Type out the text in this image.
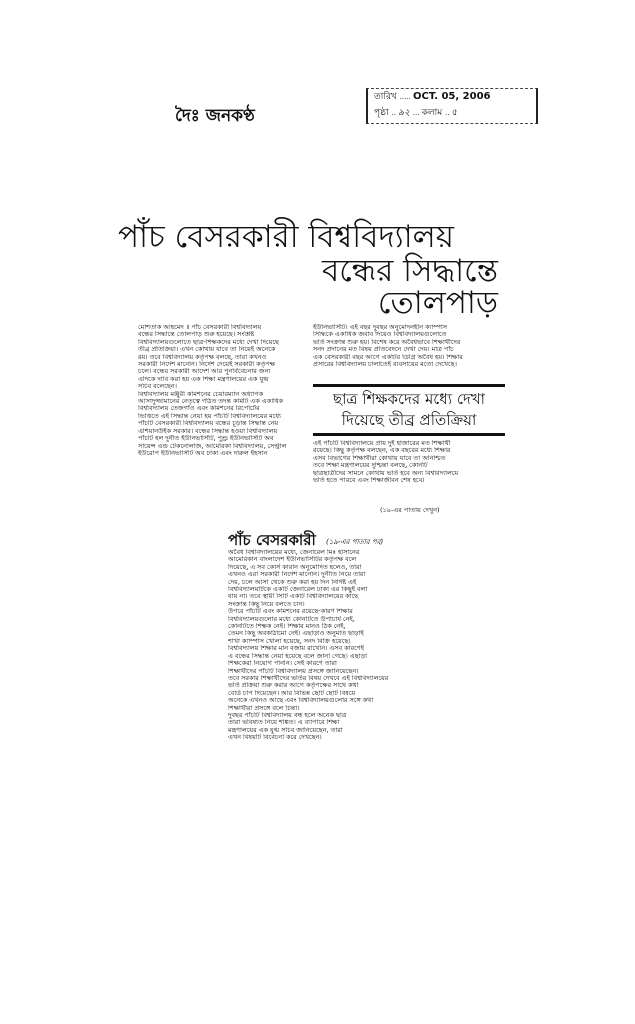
দৈঃ জনকণ্ঠ
তারিখ ..... OCT. 05, 2006
পৃষ্ঠা .. ৯২ ... কলাম .. ৫
পাঁচ বেসরকারী বিশ্ববিদ্যালয়
বন্ধের সিদ্ধান্তে
তোলপাড়
মোশতাক আহমেদ ॥ পাঁচ বেসরকারী বিশ্ববিদ্যালয়
বন্ধের সিদ্ধান্তে তোলপাড় শুরু হয়েছে। সংশ্লিষ্ট
বিশ্ববিদ্যালয়গুলোতে ছাত্র-শিক্ষকদের মধ্যে দেখা দিয়েছে
তীব্র প্রতিক্রিয়া। এখন কোথায় যাবে তা নিয়েই অনেকে
রয়। তবে বিশ্ববিদ্যালয় কর্তৃপক্ষ বলছে, তারা কখনও
সরকারী নির্দেশ মানেনি। নির্দেশ দেয়েই সরকারী কর্তৃপক্ষ
চলে। বন্ধের সরকারী আদেশ আর পুনর্বিবেচনার জন্য
এদিকে দাবি করা হয় এক শিক্ষা মন্ত্রণালয়ের এক যুগ্ম
সচিব বলেছেন।
বিশ্ববিদ্যালয় মঞ্জুরী কমিশনের চেয়ারম্যান অধ্যাপক
আসাদুজ্জামানের নেতৃত্বে গঠিত তদন্ত কমিটি এক একাধিক
বিশ্ববিদ্যালয় তেজগাঁও এবং কমিশনের রিপোর্টের
ভিত্তিতে এই সিদ্ধান্ত নেয়া হয় পাঁচটি বিশ্ববিদ্যালয়ের মধ্যে
পাঁচটি বেসরকারী বিশ্ববিদ্যালয় বন্ধের চূড়ান্ত সিদ্ধান্ত নেয়
এশিয়ানউইক সরকার। বন্ধের সিদ্ধান্ত হওয়া বিশ্ববিদ্যালয়
পাঁচটি হল দুর্নীত ইউনিভার্সিটি, পুণ্ড্র ইউনিভার্সিটি অব
সায়েন্স এন্ড টেকনোলজি, আমেরিকা বিশ্ববিদ্যালয়, সেন্ট্রাল
ইউরোপ ইউনিভার্সিটি অব ঢাকা এবং দারুল ইহসান
ইউনিভার্সিটি। এই বছর দুবছর অনুমোদনহীন ক্যাম্পাস
সিদ্ধিকে একাধিক জবাব দিয়েও বিশ্ববিদ্যালয়গুলোতে
ভর্তি সংক্রান্ত শুরু হয়। বিশেষ করে অবৈধভাবে শিক্ষার্থীদের
সনদ প্রদানের মত বিষয় প্রতিবেদনে দেখা দেয়। মাত্র পাঁচ
এক বেসরকারী বছর আগে একটির ডিগ্রি অবৈধ হয়। শিক্ষার
প্রসারের বিশ্ববিদ্যালয় চালাতেই ব্যবসায়ের মতো দেখেছে।
ছাত্র শিক্ষকদের মধ্যে দেখা
দিয়েছে তীব্র প্রতিক্রিয়া
এই পাঁচটি বিশ্ববিদ্যালয়ে প্রায় দুই হাজারের মত শিক্ষার্থী
রয়েছে। কিছু কর্তৃপক্ষ বলছেন, এক বছরের মধ্যে শিক্ষার
এসব বিভাগের শিক্ষার্থীরা কোথায় যাবে তা অনিশ্চিত
তবে শিক্ষা মন্ত্রণালয়ের দুশ্চিন্তা বলছে, কোনটি
ছাত্রছাত্রীদের সামনে কোথায় ভর্তি হবে অন্য বিশ্ববিদ্যালয়ে
ভর্তি হতে পারবে এবং শিক্ষাজীবন শেষ হবে।
(১৯-এর পাতায় দেখুন)
পাঁচ বেসরকারী (১৯-এর পাতার পর)
অবৈধ বিশ্ববিদ্যালয়ের মধ্যে, জেনারেল মিঃ হাসানের
আমেরিকান বাংলাদেশ ইউনিভার্সিটির কর্তৃপক্ষ বলে
দিয়েছে, এ সব কোর্স কারান অনুমোদিত হলেও, তারা
এখনও এরা সরকারী নির্দেশ মানেনি। দুর্নীতি নিয়ে তারা
দেয়, চলে আসা থেকে শুরু করা হয় দিন নির্দিষ্ট এই
বিশ্ববিদ্যালয়টিকে একটি জেনারেল ঢাকা এর কিছুই বলা
যায় না। তবে স্থায়ী সিটি একটি বিশ্ববিদ্যালয়ের কাছে
সংক্রান্ত কিছু নিয়ে বলতে চান।
উপরে পাঁচটি এবং কমিশনের রয়েছে-কারণ শিক্ষার
বিশ্ববিদ্যালয়গুলোর মধ্যে কোনটিতে উপাচার্য নেই,
কোনটিতে শিক্ষক নেই। শিক্ষার মানও ঠিক নেই,
তেমন কিছু অবকাঠামো নেই। এছাড়াও অনুমতি ছাড়াই
শাখা ক্যাম্পাস খোলা হয়েছে, সনদ বিক্রি হয়েছে।
বিশ্ববিদ্যালয় শিক্ষার মান বজায় রাখেনি। এসব কারণেই
এ বন্ধের সিদ্ধান্ত নেয়া হয়েছে বলে জানা গেছে। এছাড়া
শিক্ষকেরা নিয়োগ পাননি। সেই কারণে তারা
শিক্ষার্থীদের পাঁচটি বিশ্ববিদ্যালয় প্রসঙ্গে জানিয়েছেন।
তবে সরকার শিক্ষার্থীদের ভর্তির বিষয় দেখবে এই বিশ্ববিদ্যালয়ের
ভর্তি প্রক্রিয়া শুরু করার আগে কর্তৃপক্ষের সাথে কথা
বোর্ড চাপ দিয়েছেন। আর বিভিন্ন ছোট ছোট বিষয়ে
অনেকে এখনও আছে এবং বিশ্ববিদ্যালয়গুলোর সঙ্গে কথা
শিক্ষার্থীরা প্রসঙ্গে বলে চিন্তা।
দুবছর পাঁচটি বিশ্ববিদ্যালয় বন্ধ হলে অনেক ছাত্র
তারা ভবিষ্যত নিয়ে শঙ্কিত। এ ব্যাপারে শিক্ষা
মন্ত্রণালয়ের এক যুগ্ম সচিব জানিয়েছেন, তারা
এখন বিষয়টি বিবেচনা করে দেখছেন।
